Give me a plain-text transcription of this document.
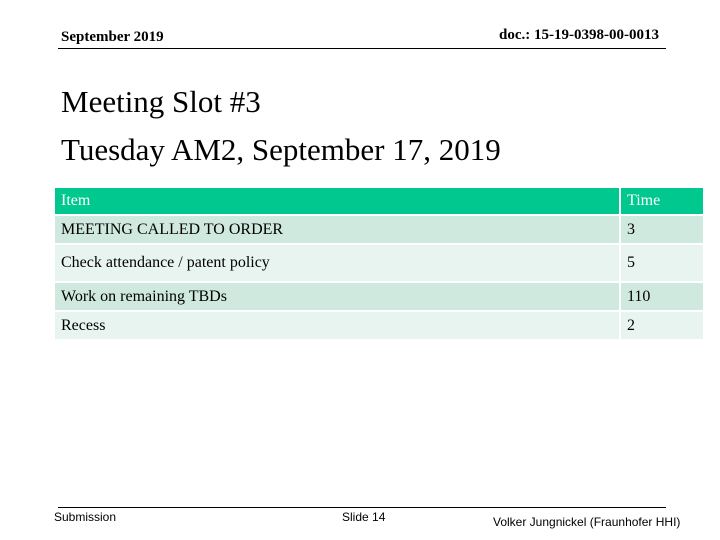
September 2019	doc.: 15-19-0398-00-0013
Meeting Slot #3
Tuesday AM2, September 17, 2019
Item	Time
MEETING CALLED TO ORDER	3
Check attendance / patent policy	5
Work on remaining TBDs	110
Recess	2
Submission	Slide 14	Volker Jungnickel (Fraunhofer HHI)
